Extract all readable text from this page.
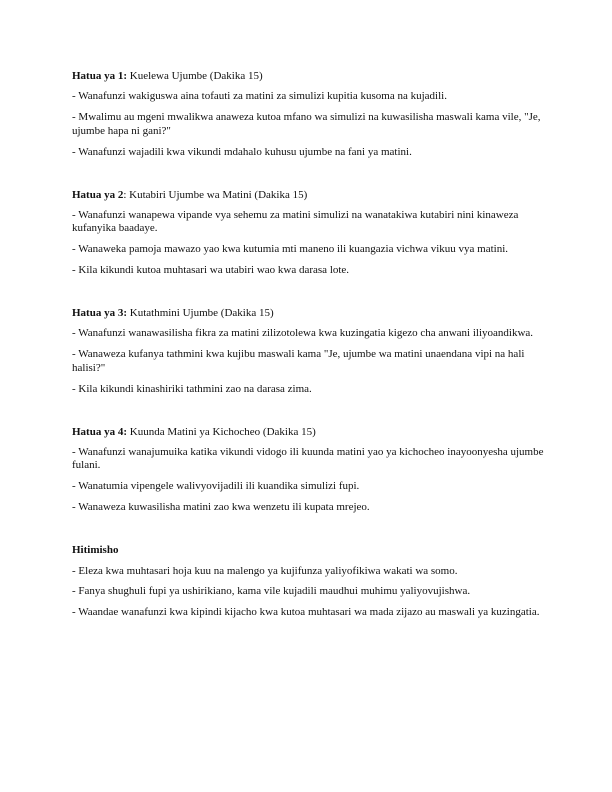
Hatua ya 1: Kuelewa Ujumbe (Dakika 15)

- Wanafunzi wakiguswa aina tofauti za matini za simulizi kupitia kusoma na kujadili.

- Mwalimu au mgeni mwalikwa anaweza kutoa mfano wa simulizi na kuwasilisha maswali kama vile, "Je, ujumbe hapa ni gani?"

- Wanafunzi wajadili kwa vikundi mdahalo kuhusu ujumbe na fani ya matini.

Hatua ya 2: Kutabiri Ujumbe wa Matini (Dakika 15)

- Wanafunzi wanapewa vipande vya sehemu za matini simulizi na wanatakiwa kutabiri nini kinaweza kufanyika baadaye.

- Wanaweka pamoja mawazo yao kwa kutumia mti maneno ili kuangazia vichwa vikuu vya matini.

- Kila kikundi kutoa muhtasari wa utabiri wao kwa darasa lote.

Hatua ya 3: Kutathmini Ujumbe (Dakika 15)

- Wanafunzi wanawasilisha fikra za matini zilizotolewa kwa kuzingatia kigezo cha anwani iliyoandikwa.

- Wanaweza kufanya tathmini kwa kujibu maswali kama "Je, ujumbe wa matini unaendana vipi na hali halisi?"

- Kila kikundi kinashiriki tathmini zao na darasa zima.

Hatua ya 4: Kuunda Matini ya Kichocheo (Dakika 15)

- Wanafunzi wanajumuika katika vikundi vidogo ili kuunda matini yao ya kichocheo inayoonyesha ujumbe fulani.

- Wanatumia vipengele walivyovijadili ili kuandika simulizi fupi.

- Wanaweza kuwasilisha matini zao kwa wenzetu ili kupata mrejeo.

Hitimisho

- Eleza kwa muhtasari hoja kuu na malengo ya kujifunza yaliyofikiwa wakati wa somo.

- Fanya shughuli fupi ya ushirikiano, kama vile kujadili maudhui muhimu yaliyovujishwa.

- Waandae wanafunzi kwa kipindi kijacho kwa kutoa muhtasari wa mada zijazo au maswali ya kuzingatia.
